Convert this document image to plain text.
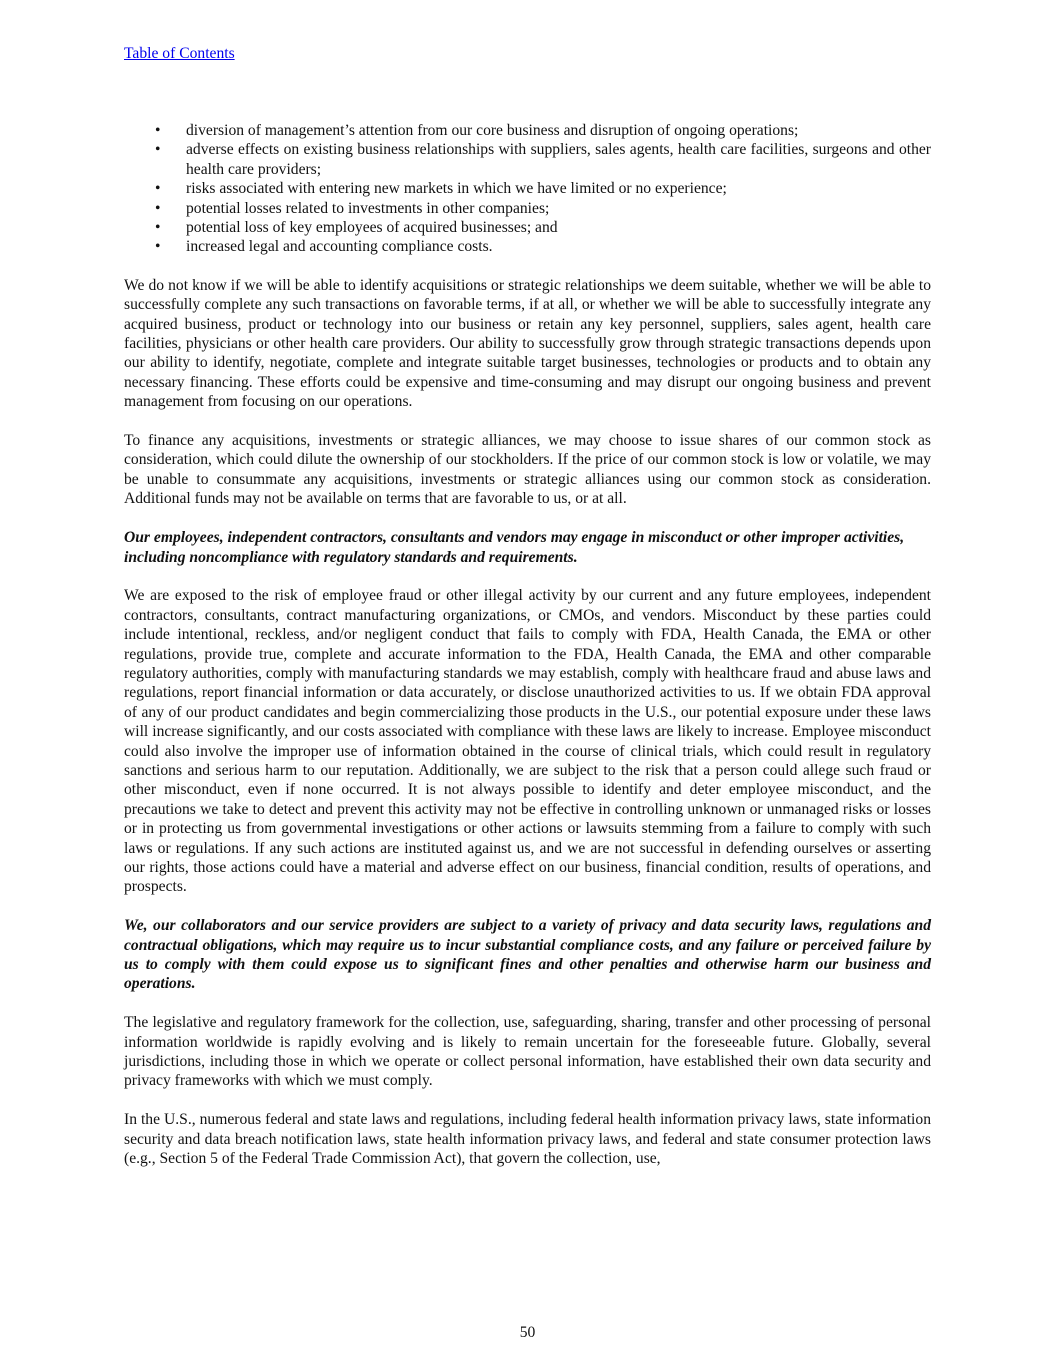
Table of Contents
• diversion of management’s attention from our core business and disruption of ongoing operations;
• adverse effects on existing business relationships with suppliers, sales agents, health care facilities, surgeons and other health care providers;
• risks associated with entering new markets in which we have limited or no experience;
• potential losses related to investments in other companies;
• potential loss of key employees of acquired businesses; and
• increased legal and accounting compliance costs.

We do not know if we will be able to identify acquisitions or strategic relationships we deem suitable, whether we will be able to successfully complete any such transactions on favorable terms, if at all, or whether we will be able to successfully integrate any acquired business, product or technology into our business or retain any key personnel, suppliers, sales agent, health care facilities, physicians or other health care providers. Our ability to successfully grow through strategic transactions depends upon our ability to identify, negotiate, complete and integrate suitable target businesses, technologies or products and to obtain any necessary financing. These efforts could be expensive and time-consuming and may disrupt our ongoing business and prevent management from focusing on our operations.

To finance any acquisitions, investments or strategic alliances, we may choose to issue shares of our common stock as consideration, which could dilute the ownership of our stockholders. If the price of our common stock is low or volatile, we may be unable to consummate any acquisitions, investments or strategic alliances using our common stock as consideration. Additional funds may not be available on terms that are favorable to us, or at all.

Our employees, independent contractors, consultants and vendors may engage in misconduct or other improper activities, including noncompliance with regulatory standards and requirements.

We are exposed to the risk of employee fraud or other illegal activity by our current and any future employees, independent contractors, consultants, contract manufacturing organizations, or CMOs, and vendors. Misconduct by these parties could include intentional, reckless, and/or negligent conduct that fails to comply with FDA, Health Canada, the EMA or other regulations, provide true, complete and accurate information to the FDA, Health Canada, the EMA and other comparable regulatory authorities, comply with manufacturing standards we may establish, comply with healthcare fraud and abuse laws and regulations, report financial information or data accurately, or disclose unauthorized activities to us. If we obtain FDA approval of any of our product candidates and begin commercializing those products in the U.S., our potential exposure under these laws will increase significantly, and our costs associated with compliance with these laws are likely to increase. Employee misconduct could also involve the improper use of information obtained in the course of clinical trials, which could result in regulatory sanctions and serious harm to our reputation. Additionally, we are subject to the risk that a person could allege such fraud or other misconduct, even if none occurred. It is not always possible to identify and deter employee misconduct, and the precautions we take to detect and prevent this activity may not be effective in controlling unknown or unmanaged risks or losses or in protecting us from governmental investigations or other actions or lawsuits stemming from a failure to comply with such laws or regulations. If any such actions are instituted against us, and we are not successful in defending ourselves or asserting our rights, those actions could have a material and adverse effect on our business, financial condition, results of operations, and prospects.

We, our collaborators and our service providers are subject to a variety of privacy and data security laws, regulations and contractual obligations, which may require us to incur substantial compliance costs, and any failure or perceived failure by us to comply with them could expose us to significant fines and other penalties and otherwise harm our business and operations.

The legislative and regulatory framework for the collection, use, safeguarding, sharing, transfer and other processing of personal information worldwide is rapidly evolving and is likely to remain uncertain for the foreseeable future. Globally, several jurisdictions, including those in which we operate or collect personal information, have established their own data security and privacy frameworks with which we must comply.

In the U.S., numerous federal and state laws and regulations, including federal health information privacy laws, state information security and data breach notification laws, state health information privacy laws, and federal and state consumer protection laws (e.g., Section 5 of the Federal Trade Commission Act), that govern the collection, use,

50
